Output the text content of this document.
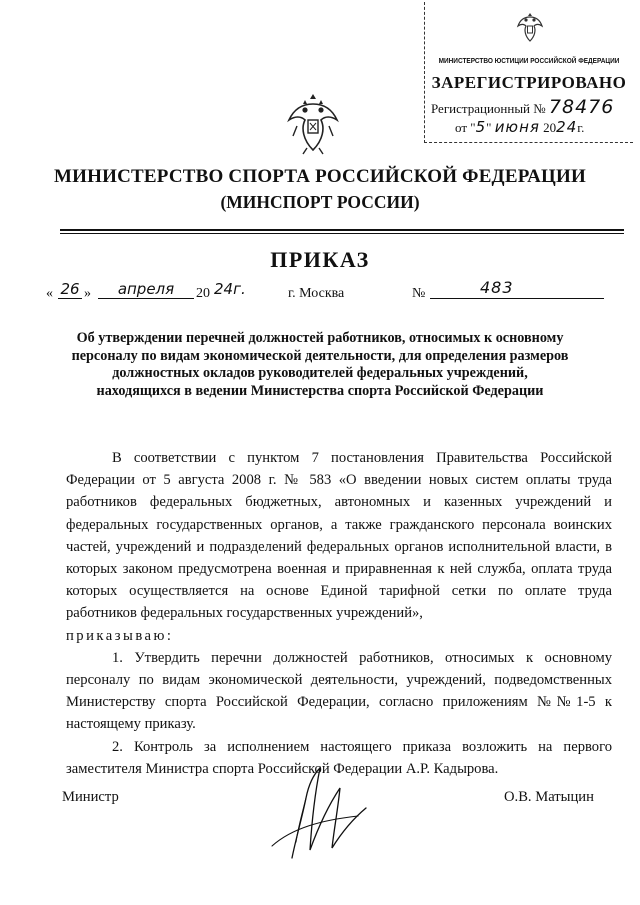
МИНИСТЕРСТВО ЮСТИЦИИ РОССИЙСКОЙ ФЕДЕРАЦИИ
ЗАРЕГИСТРИРОВАНО
Регистрационный № 78476
от "5" июня 2024г.
МИНИСТЕРСТВО СПОРТА РОССИЙСКОЙ ФЕДЕРАЦИИ
(МИНСПОРТ РОССИИ)
ПРИКАЗ
« 26 »	апреля	20 24г.	г. Москва	№	483
Об утверждении перечней должностей работников, относимых к основному персоналу по видам экономической деятельности, для определения размеров должностных окладов руководителей федеральных учреждений, находящихся в ведении Министерства спорта Российской Федерации

В соответствии с пунктом 7 постановления Правительства Российской Федерации от 5 августа 2008 г. № 583 «О введении новых систем оплаты труда работников федеральных бюджетных, автономных и казенных учреждений и федеральных государственных органов, а также гражданского персонала воинских частей, учреждений и подразделений федеральных органов исполнительной власти, в которых законом предусмотрена военная и приравненная к ней служба, оплата труда которых осуществляется на основе Единой тарифной сетки по оплате труда работников федеральных государственных учреждений»,

приказываю:

1. Утвердить перечни должностей работников, относимых к основному персоналу по видам экономической деятельности, учреждений, подведомственных Министерству спорта Российской Федерации, согласно приложениям №№1-5 к настоящему приказу.

2. Контроль за исполнением настоящего приказа возложить на первого заместителя Министра спорта Российской Федерации А.Р. Кадырова.

Министр	О.В. Матыцин
